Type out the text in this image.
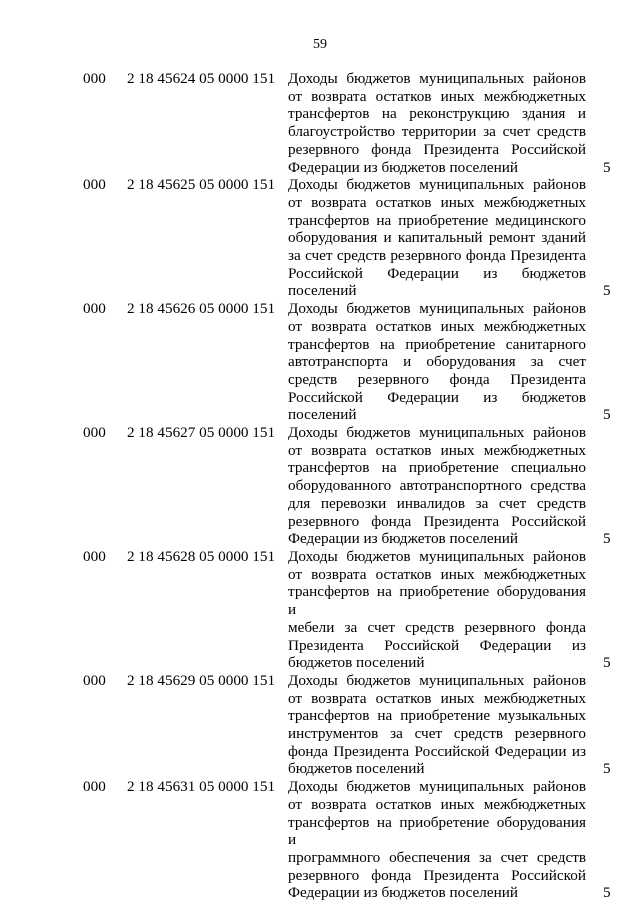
59
000	2 18 45624 05 0000 151 Доходы бюджетов муниципальных районов
от возврата остатков иных межбюджетных
трансфертов на реконструкцию здания и
благоустройство территории за счет средств
резервного фонда Президента Российской
Федерации из бюджетов поселений	5
000	2 18 45625 05 0000 151 Доходы бюджетов муниципальных районов
от возврата остатков иных межбюджетных
трансфертов на приобретение медицинского
оборудования и капитальный ремонт зданий
за счет средств резервного фонда Президента
Российской Федерации из бюджетов
поселений	5
000	2 18 45626 05 0000 151 Доходы бюджетов муниципальных районов
от возврата остатков иных межбюджетных
трансфертов на приобретение санитарного
автотранспорта и оборудования за счет
средств резервного фонда Президента
Российской Федерации из бюджетов
поселений	5
000	2 18 45627 05 0000 151 Доходы бюджетов муниципальных районов
от возврата остатков иных межбюджетных
трансфертов на приобретение специально
оборудованного автотранспортного средства
для перевозки инвалидов за счет средств
резервного фонда Президента Российской
Федерации из бюджетов поселений	5
000	2 18 45628 05 0000 151 Доходы бюджетов муниципальных районов
от возврата остатков иных межбюджетных
трансфертов на приобретение оборудования и
мебели за счет средств резервного фонда
Президента Российской Федерации из
бюджетов поселений	5
000	2 18 45629 05 0000 151 Доходы бюджетов муниципальных районов
от возврата остатков иных межбюджетных
трансфертов на приобретение музыкальных
инструментов за счет средств резервного
фонда Президента Российской Федерации из
бюджетов поселений	5
000	2 18 45631 05 0000 151 Доходы бюджетов муниципальных районов
от возврата остатков иных межбюджетных
трансфертов на приобретение оборудования и
программного обеспечения за счет средств
резервного фонда Президента Российской
Федерации из бюджетов поселений	5
